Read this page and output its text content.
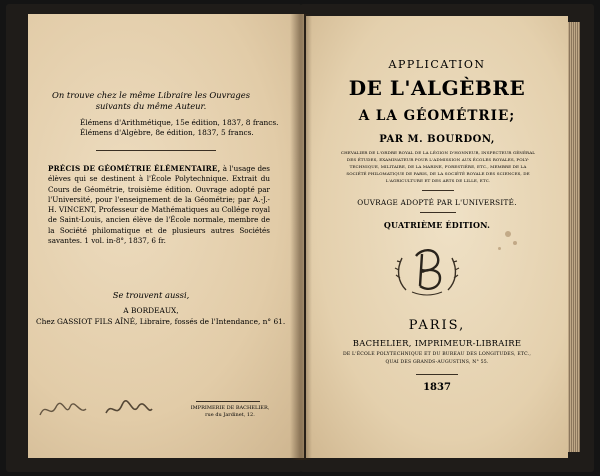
On trouve chez le même Libraire les Ouvrages
suivants du même Auteur.
Élémens d'Arithmétique, 15e édition, 1837, 8 francs.
Élémens d'Algèbre, 8e édition, 1837, 5 francs.
PRÉCIS DE GÉOMÉTRIE ÉLÉMENTAIRE, à l'usage des élèves qui se destinent à l'École Polytechnique. Extrait du Cours de Géométrie, troisième édition. Ouvrage adopté par l'Université, pour l'enseignement de la Géométrie; par A.-J.-H. VINCENT, Professeur de Mathématiques au Collége royal de Saint-Louis, ancien élève de l'École normale, membre de la Société philomatique et de plusieurs autres Sociétés savantes. 1 vol. in-8°, 1837, 6 fr.
Se trouvent aussi,
A BORDEAUX,
Chez GASSIOT FILS AÎNÉ, Libraire, fossés de l'Intendance, n° 61.
IMPRIMERIE DE BACHELIER, rue du Jardinet, 12.
APPLICATION
DE L'ALGÈBRE
A LA GÉOMÉTRIE;
PAR M. BOURDON,
CHEVALIER DE L'ORDRE ROYAL DE LA LÉGION D'HONNEUR, INSPECTEUR GÉNÉRAL
DES ÉTUDES, EXAMINATEUR POUR L'ADMISSION AUX ÉCOLES ROYALES, POLY-
TECHNIQUE, MILITAIRE, DE LA MARINE, FORESTIÈRE, ETC., MEMBRE DE LA
SOCIÉTÉ PHILOMATIQUE DE PARIS, DE LA SOCIÉTÉ ROYALE DES SCIENCES, DE
L'AGRICULTURE ET DES ARTS DE LILLE, ETC.
OUVRAGE ADOPTÉ PAR L'UNIVERSITÉ.
QUATRIÈME ÉDITION.
PARIS,
BACHELIER, IMPRIMEUR-LIBRAIRE
DE L'ÉCOLE POLYTECHNIQUE ET DU BUREAU DES LONGITUDES, ETC.,
QUAI DES GRANDS-AUGUSTINS, N° 55.
1837
